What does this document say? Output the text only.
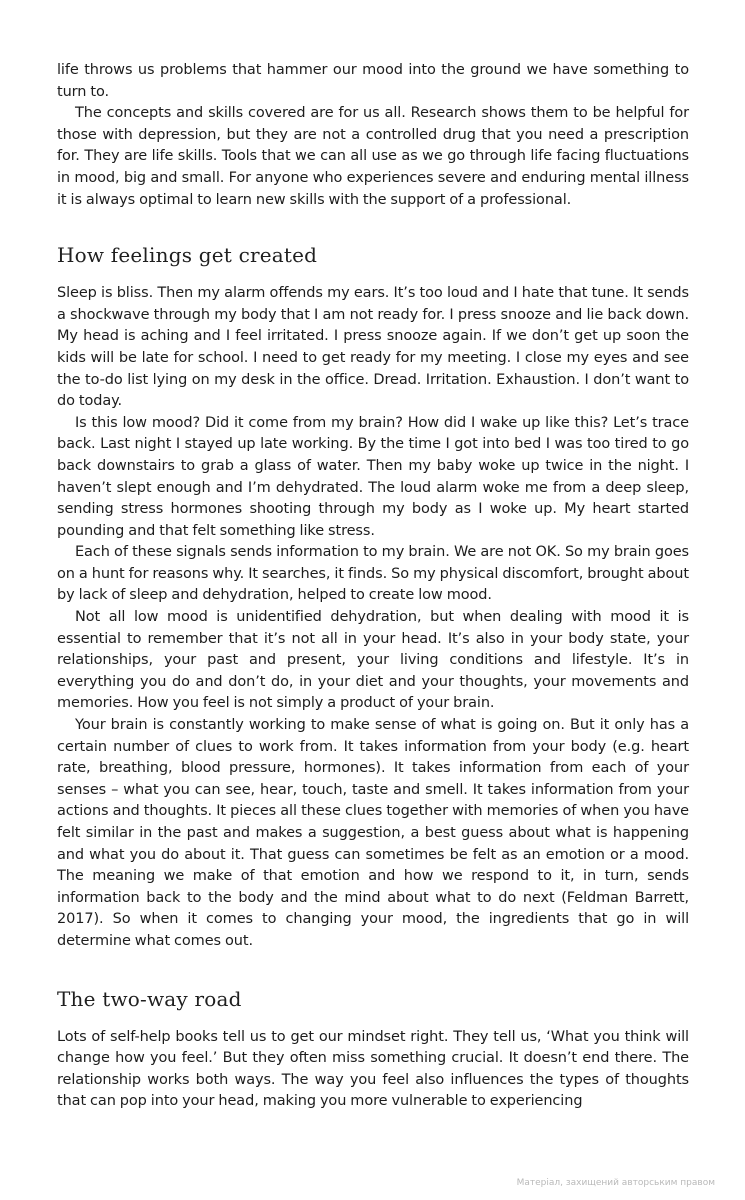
life throws us problems that hammer our mood into the ground we have something to turn to.

The concepts and skills covered are for us all. Research shows them to be helpful for those with depression, but they are not a controlled drug that you need a prescription for. They are life skills. Tools that we can all use as we go through life facing fluctuations in mood, big and small. For anyone who experiences severe and enduring mental illness it is always optimal to learn new skills with the support of a professional.

How feelings get created

Sleep is bliss. Then my alarm offends my ears. It’s too loud and I hate that tune. It sends a shockwave through my body that I am not ready for. I press snooze and lie back down. My head is aching and I feel irritated. I press snooze again. If we don’t get up soon the kids will be late for school. I need to get ready for my meeting. I close my eyes and see the to-do list lying on my desk in the office. Dread. Irritation. Exhaustion. I don’t want to do today.

Is this low mood? Did it come from my brain? How did I wake up like this? Let’s trace back. Last night I stayed up late working. By the time I got into bed I was too tired to go back downstairs to grab a glass of water. Then my baby woke up twice in the night. I haven’t slept enough and I’m dehydrated. The loud alarm woke me from a deep sleep, sending stress hormones shooting through my body as I woke up. My heart started pounding and that felt something like stress.

Each of these signals sends information to my brain. We are not OK. So my brain goes on a hunt for reasons why. It searches, it finds. So my physical discomfort, brought about by lack of sleep and dehydration, helped to create low mood.

Not all low mood is unidentified dehydration, but when dealing with mood it is essential to remember that it’s not all in your head. It’s also in your body state, your relationships, your past and present, your living conditions and lifestyle. It’s in everything you do and don’t do, in your diet and your thoughts, your movements and memories. How you feel is not simply a product of your brain.

Your brain is constantly working to make sense of what is going on. But it only has a certain number of clues to work from. It takes information from your body (e.g. heart rate, breathing, blood pressure, hormones). It takes information from each of your senses – what you can see, hear, touch, taste and smell. It takes information from your actions and thoughts. It pieces all these clues together with memories of when you have felt similar in the past and makes a suggestion, a best guess about what is happening and what you do about it. That guess can sometimes be felt as an emotion or a mood. The meaning we make of that emotion and how we respond to it, in turn, sends information back to the body and the mind about what to do next (Feldman Barrett, 2017). So when it comes to changing your mood, the ingredients that go in will determine what comes out.

The two-way road

Lots of self-help books tell us to get our mindset right. They tell us, ‘What you think will change how you feel.’ But they often miss something crucial. It doesn’t end there. The relationship works both ways. The way you feel also influences the types of thoughts that can pop into your head, making you more vulnerable to experiencing

Матеріал, захищений авторським правом
